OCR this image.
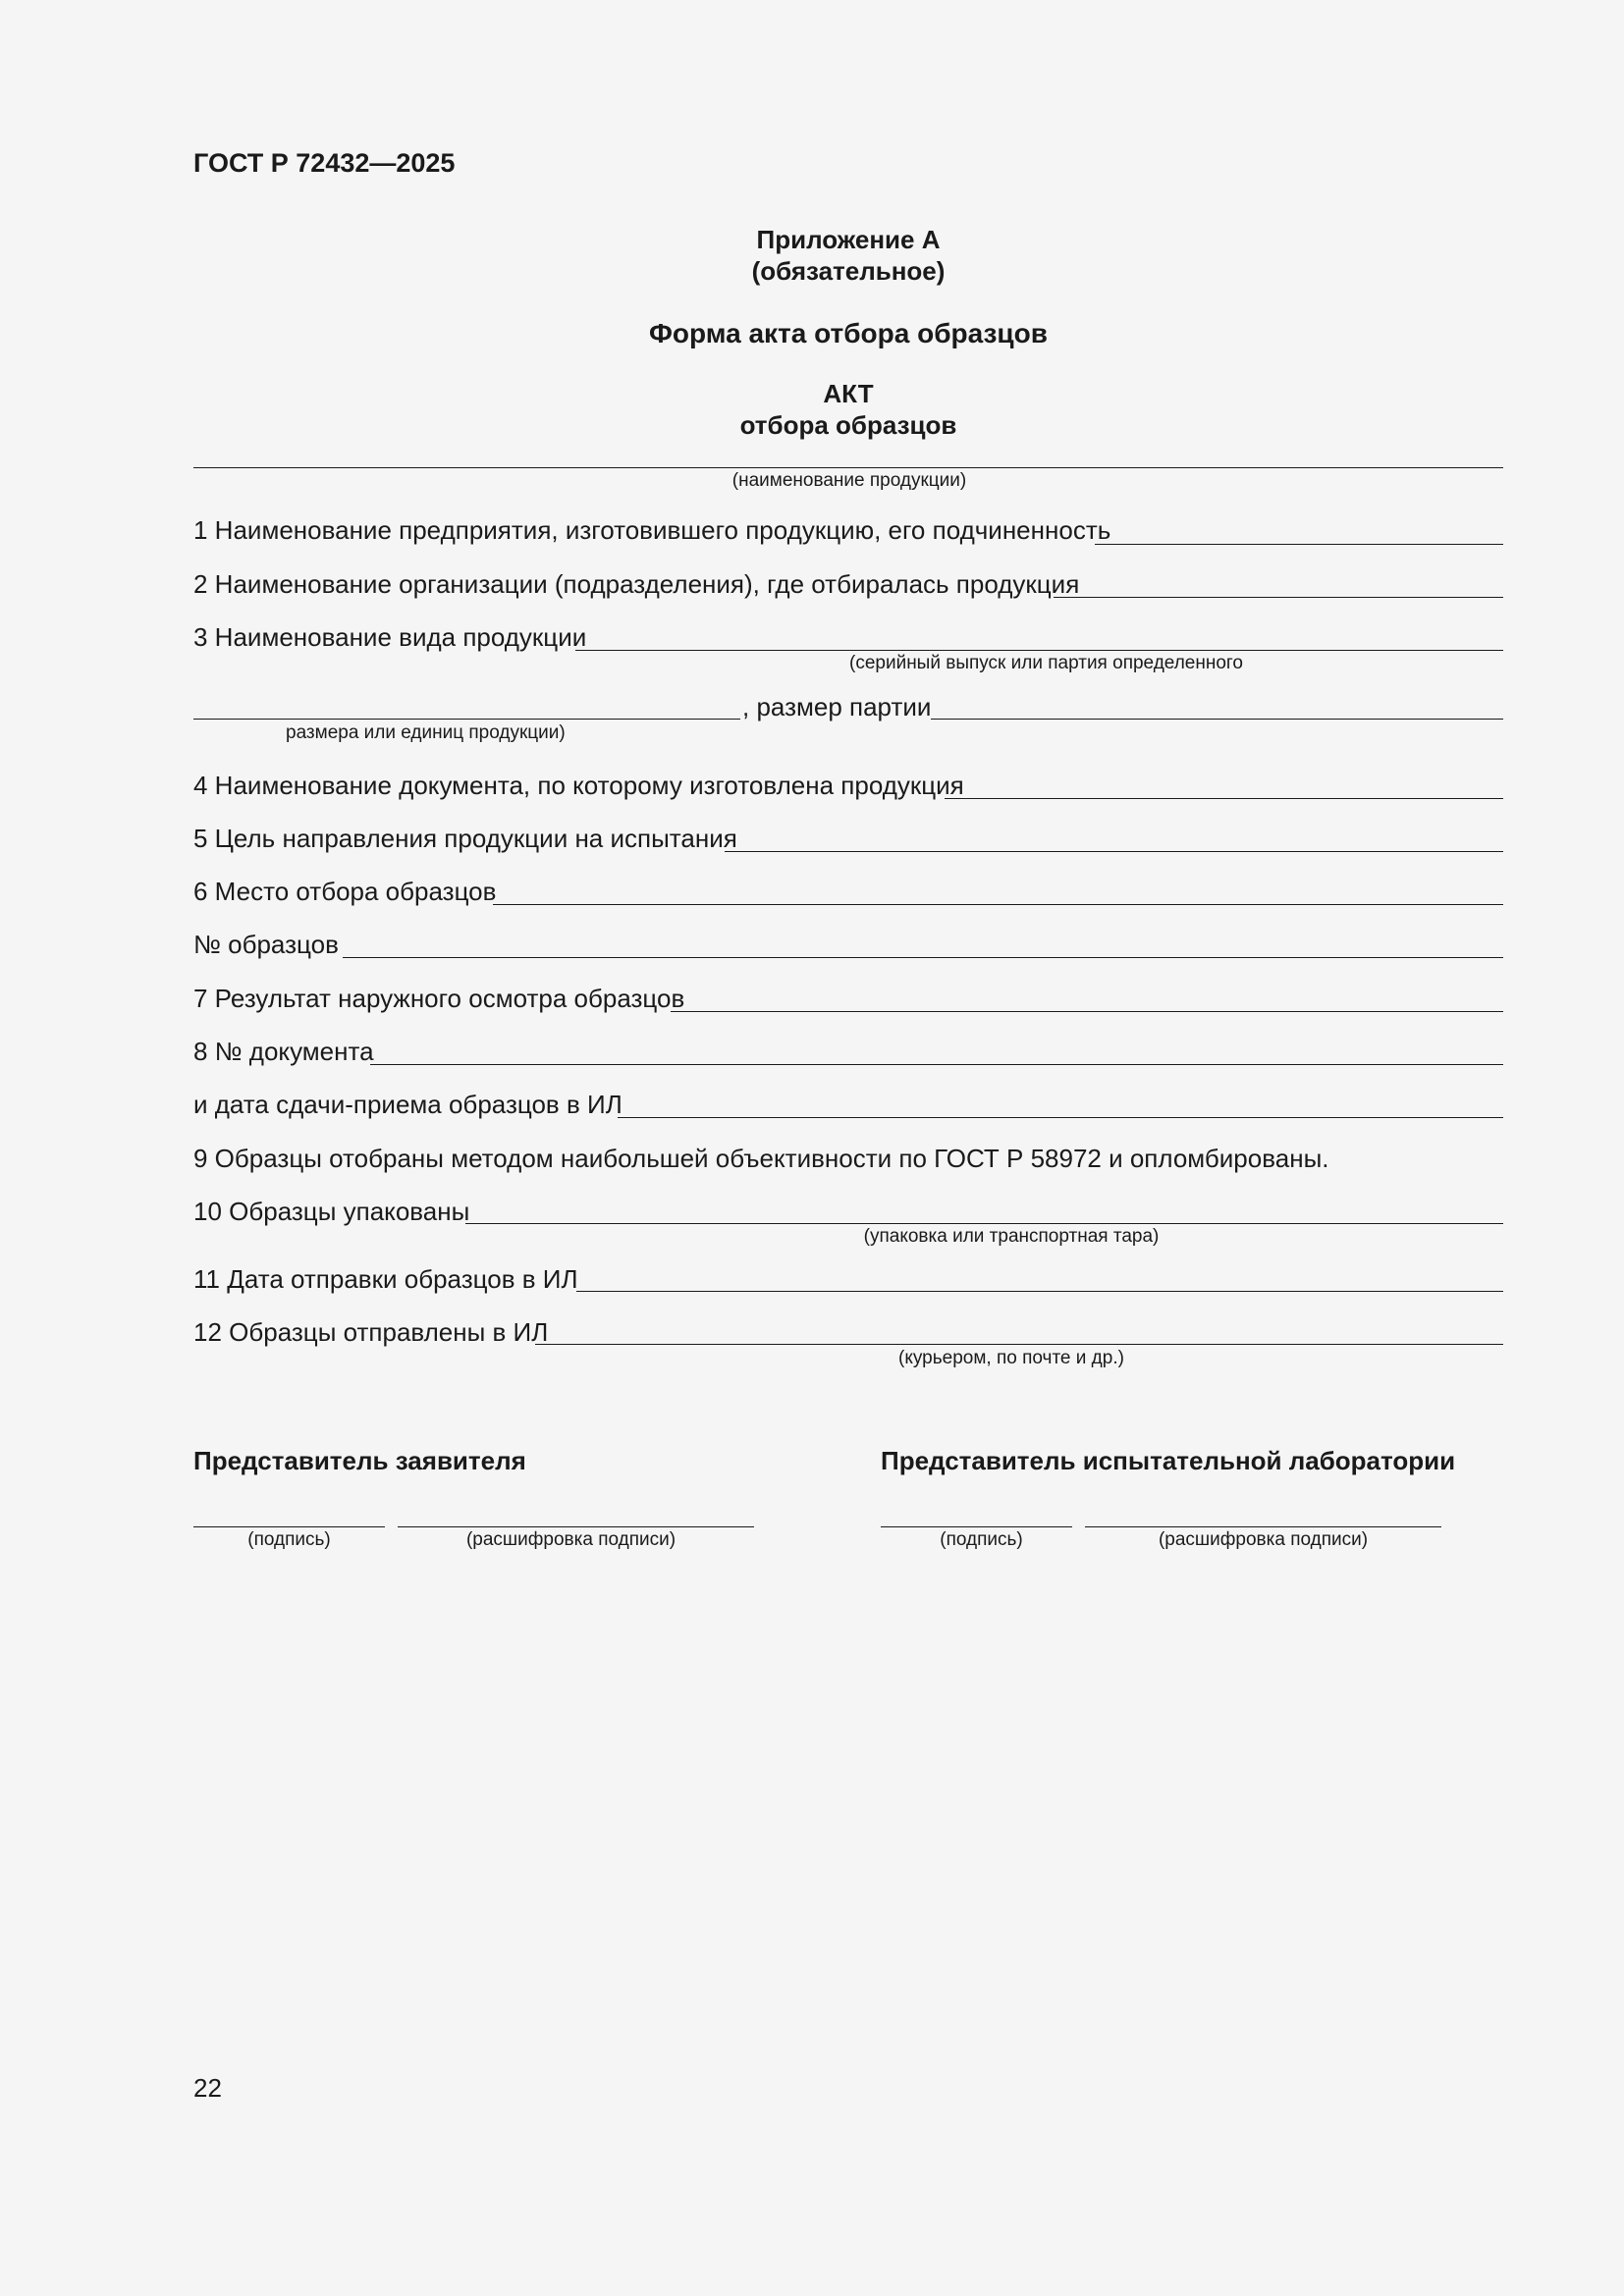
ГОСТ Р 72432—2025
Приложение А
(обязательное)
Форма акта отбора образцов
АКТ
отбора образцов
(наименование продукции)
1 Наименование предприятия, изготовившего продукцию, его подчиненность
2 Наименование организации (подразделения), где отбиралась продукция
3 Наименование вида продукции
(серийный выпуск или партия определенного
, размер партии
размера или единиц продукции)
4 Наименование документа, по которому изготовлена продукция
5 Цель направления продукции на испытания
6 Место отбора образцов
№ образцов
7 Результат наружного осмотра образцов
8 № документа
и дата сдачи-приема образцов в ИЛ
9 Образцы отобраны методом наибольшей объективности по ГОСТ Р 58972 и опломбированы.
10 Образцы упакованы
(упаковка или транспортная тара)
11 Дата отправки образцов в ИЛ
12 Образцы отправлены в ИЛ
(курьером, по почте и др.)
Представитель заявителя	Представитель испытательной лаборатории
(подпись)	(расшифровка подписи)	(подпись)	(расшифровка подписи)
22
